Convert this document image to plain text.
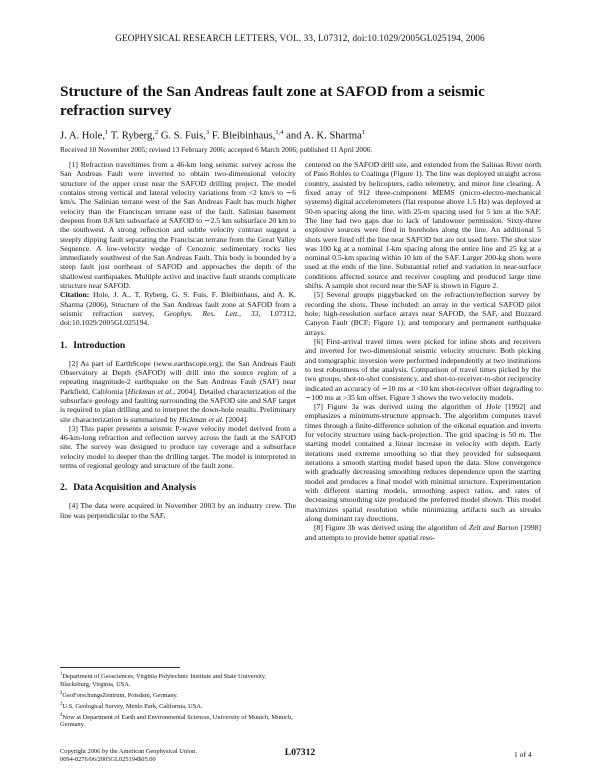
GEOPHYSICAL RESEARCH LETTERS, VOL. 33, L07312, doi:10.1029/2005GL025194, 2006
Structure of the San Andreas fault zone at SAFOD from a seismic refraction survey
J. A. Hole,$^1$ T. Ryberg,$^2$ G. S. Fuis,$^3$ F. Bleibinhaus,$^{1,4}$ and A. K. Sharma$^1$
Received 10 November 2005; revised 13 February 2006; accepted 6 March 2006; published 11 April 2006.

[1] Refraction traveltimes from a 46-km long seismic survey across the San Andreas Fault were inverted to obtain two-dimensional velocity structure of the upper crust near the SAFOD drilling project. The model contains strong vertical and lateral velocity variations from <2 km/s to ∼6 km/s. The Salinian terrane west of the San Andreas Fault has much higher velocity than the Franciscan terrane east of the fault. Salinian basement deepens from 0.8 km subsurface at SAFOD to ∼2.5 km subsurface 20 km to the southwest. A strong reflection and subtle velocity contrast suggest a steeply dipping fault separating the Franciscan terrane from the Great Valley Sequence. A low-velocity wedge of Cenozoic sedimentary rocks lies immediately southwest of the San Andreas Fault. This body is bounded by a steep fault just northeast of SAFOD and approaches the depth of the shallowest earthquakes. Multiple active and inactive fault strands complicate structure near SAFOD.

Citation: Hole, J. A., T. Ryberg, G. S. Fuis, F. Bleibinhaus, and A. K. Sharma (2006), Structure of the San Andreas fault zone at SAFOD from a seismic refraction survey, Geophys. Res. Lett., 33, L07312, doi:10.1029/2005GL025194.

1. Introduction

[2] As part of EarthScope (www.earthscope.org), the San Andreas Fault Observatory at Depth (SAFOD) will drill into the source region of a repeating magnitude-2 earthquake on the San Andreas Fault (SAF) near Parkfield, California [Hickman et al., 2004]. Detailed characterization of the subsurface geology and faulting surrounding the SAFOD site and SAF target is required to plan drilling and to interpret the down-hole results. Preliminary site characterization is summarized by Hickman et al. [2004].

[3] This paper presents a seismic P-wave velocity model derived from a 46-km-long refraction and reflection survey across the fault at the SAFOD site. The survey was designed to produce ray coverage and a subsurface velocity model to deeper than the drilling target. The model is interpreted in terms of regional geology and structure of the fault zone.

2. Data Acquisition and Analysis

[4] The data were acquired in November 2003 by an industry crew. The line was perpendicular to the SAF,

$^1$Department of Geosciences, Virginia Polytechnic Institute and State University, Blacksburg, Virginia, USA.
$^2$GeoForschungsZentrum, Potsdam, Germany.
$^3$U.S. Geological Survey, Menlo Park, California, USA.
$^4$Now at Department of Earth and Environmental Sciences, University of Munich, Munich, Germany.
Copyright 2006 by the American Geophysical Union.
0094-8276/06/2005GL025194$05.00

centered on the SAFOD drill site, and extended from the Salinas River north of Paso Robles to Coalinga (Figure 1). The line was deployed straight across country, assisted by helicopters, radio telemetry, and minor line clearing. A fixed array of 912 three-component MEMS (micro-electro-mechanical systems) digital accelerometers (flat response above 1.5 Hz) was deployed at 50-m spacing along the line, with 25-m spacing used for 5 km at the SAF. The line had two gaps due to lack of landowner permission. Sixty-three explosive sources were fired in boreholes along the line. An additional 5 shots were fired off the line near SAFOD but are not used here. The shot size was 100 kg at a nominal 1-km spacing along the entire line and 25 kg at a nominal 0.5-km spacing within 10 km of the SAF. Larger 200-kg shots were used at the ends of the line. Substantial relief and variation in near-surface conditions affected source and receiver coupling and produced large time shifts. A sample shot record near the SAF is shown in Figure 2.

[5] Several groups piggybacked on the refraction/reflection survey by recording the shots. These included: an array in the vertical SAFOD pilot hole; high-resolution surface arrays near SAFOD, the SAF, and Buzzard Canyon Fault (BCF; Figure 1); and temporary and permanent earthquake arrays.

[6] First-arrival travel times were picked for inline shots and receivers and inverted for two-dimensional seismic velocity structure. Both picking and tomographic inversion were performed independently at two institutions to test robustness of the analysis. Comparison of travel times picked by the two groups, shot-to-shot consistency, and shot-to-receiver-to-shot reciprocity indicated an accuracy of ∼10 ms at <10 km shot-receiver offset degrading to ∼100 ms at >35 km offset. Figure 3 shows the two velocity models.

[7] Figure 3a was derived using the algorithm of Hole [1992] and emphasizes a minimum-structure approach. The algorithm computes travel times through a finite-difference solution of the eikonal equation and inverts for velocity structure using back-projection. The grid spacing is 50 m. The starting model contained a linear increase in velocity with depth. Early iterations used extreme smoothing so that they provided for subsequent iterations a smooth starting model based upon the data. Slow convergence with gradually decreasing smoothing reduces dependence upon the starting model and produces a final model with minimal structure. Experimentation with different starting models, smoothing aspect ratios, and rates of decreasing smoothing size produced the preferred model shown. This model maximizes spatial resolution while minimizing artifacts such as streaks along dominant ray directions.

[8] Figure 3b was derived using the algorithm of Zelt and Barton [1998] and attempts to provide better spatial reso-

L07312	1 of 4
